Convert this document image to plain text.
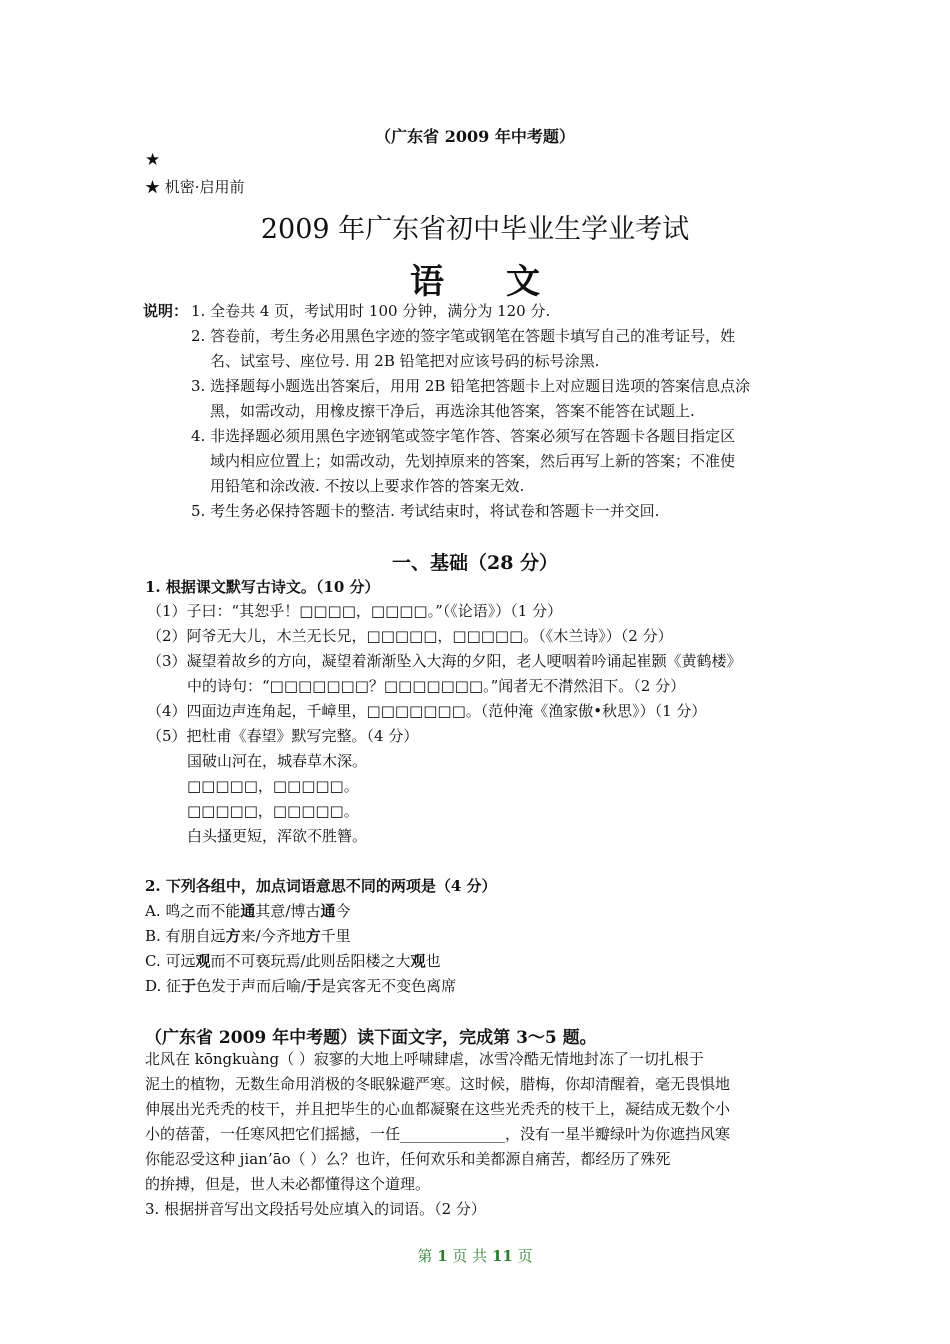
（广东省 2009 年中考题）
★
★ 机密·启用前
2009 年广东省初中毕业生学业考试
语 文
说明： 1. 全卷共 4 页，考试用时 100 分钟，满分为 120 分.
2. 答卷前，考生务必用黑色字迹的签字笔或钢笔在答题卡填写自己的准考证号，姓
名、试室号、座位号. 用 2B 铅笔把对应该号码的标号涂黑.
3. 选择题每小题选出答案后，用用 2B 铅笔把答题卡上对应题目选项的答案信息点涂
黑，如需改动，用橡皮擦干净后，再选涂其他答案，答案不能答在试题上.
4. 非选择题必须用黑色字迹钢笔或签字笔作答、答案必须写在答题卡各题目指定区
域内相应位置上；如需改动，先划掉原来的答案，然后再写上新的答案；不准使
用铅笔和涂改液. 不按以上要求作答的答案无效.
5. 考生务必保持答题卡的整洁. 考试结束时，将试卷和答题卡一并交回.
一、基础（28 分）
1. 根据课文默写古诗文。（10 分）
（1）子曰：“其恕乎！□□□□，□□□□。”（《论语》）（1 分）
（2）阿爷无大儿，木兰无长兄，□□□□□，□□□□□。（《木兰诗》）（2 分）
（3）凝望着故乡的方向，凝望着渐渐坠入大海的夕阳，老人哽咽着吟诵起崔颢《黄鹤楼》
中的诗句：“□□□□□□□？□□□□□□□。”闻者无不潸然泪下。（2 分）
（4）四面边声连角起，千嶂里，□□□□□□□。（范仲淹《渔家傲•秋思》）（1 分）
（5）把杜甫《春望》默写完整。（4 分）
国破山河在，城春草木深。
□□□□□，□□□□□。
□□□□□，□□□□□。
白头搔更短，浑欲不胜簪。
2. 下列各组中，加点词语意思不同的两项是（4 分）
A. 鸣之而不能通其意/博古通今
B. 有朋自远方来/今齐地方千里
C. 可远观而不可亵玩焉/此则岳阳楼之大观也
D. 征于色发于声而后喻/于是宾客无不变色离席
（广东省 2009 年中考题）读下面文字，完成第 3～5 题。
北风在 kōngkuàng（ ）寂寥的大地上呼啸肆虐，冰雪冷酷无情地封冻了一切扎根于
泥土的植物，无数生命用消极的冬眠躲避严寒。这时候，腊梅，你却清醒着，毫无畏惧地
伸展出光秃秃的枝干，并且把毕生的心血都凝聚在这些光秃秃的枝干上，凝结成无数个小
小的蓓蕾，一任寒风把它们摇撼，一任______________，没有一星半瓣绿叶为你遮挡风寒
你能忍受这种 jian’āo（ ）么？也许，任何欢乐和美都源自痛苦，都经历了殊死
的拚搏，但是，世人未必都懂得这个道理。
3. 根据拼音写出文段括号处应填入的词语。（2 分）
第 1 页 共 11 页
